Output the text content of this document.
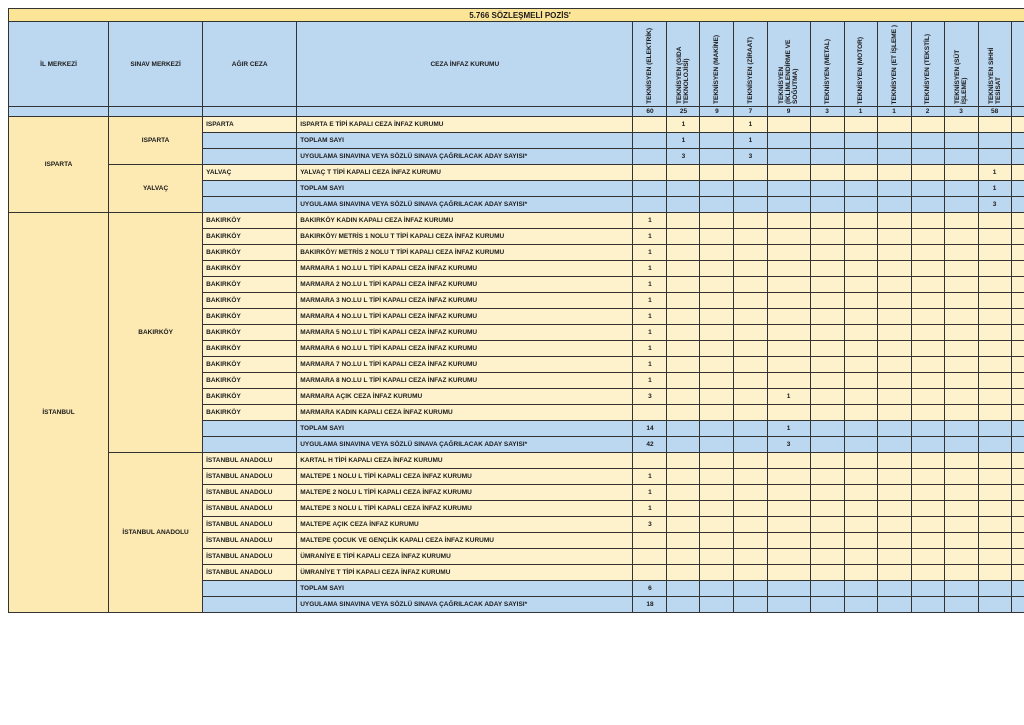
5.766 SÖZLEŞMELİ POZİS'															
İL MERKEZİ	SINAV MERKEZİ	AĞIR CEZA	CEZA İNFAZ KURUMU	TEKNİSYEN (ELEKTRİK)	TEKNİSYEN (GIDA TEKNOLOJİSİ)	TEKNİSYEN (MAKİNE)	TEKNİSYEN (ZİRAAT)	TEKNİSYEN (İKLİMLENDİRME VE SOĞUTMA)	TEKNİSYEN (METAL)	TEKNİSYEN (MOTOR)	TEKNİSYEN (ET İŞLEME )	TEKNİSYEN (TEKSTİL)	TEKNİSYEN (SÜT İŞLEME)	TEKNİSYEN SIHHİ TESİSAT	
				60	25	9	7	9	3	1	1	2	3	58	
ISPARTA	ISPARTA	ISPARTA	ISPARTA E TİPİ KAPALI CEZA İNFAZ KURUMU		1		1								
			TOPLAM SAYI		1		1								
			UYGULAMA SINAVINA VEYA SÖZLÜ SINAVA ÇAĞRILACAK ADAY SAYISI*		3		3								
	YALVAÇ	YALVAÇ	YALVAÇ T TİPİ KAPALI CEZA İNFAZ KURUMU											1	
			TOPLAM SAYI											1	
			UYGULAMA SINAVINA VEYA SÖZLÜ SINAVA ÇAĞRILACAK ADAY SAYISI*											3	
İSTANBUL	BAKIRKÖY	BAKIRKÖY	BAKIRKÖY KADIN KAPALI CEZA İNFAZ KURUMU	1											
		BAKIRKÖY	BAKIRKÖY/ METRİS 1 NOLU T TİPİ KAPALI CEZA İNFAZ KURUMU	1											
		BAKIRKÖY	BAKIRKÖY/ METRİS 2 NOLU T TİPİ KAPALI CEZA İNFAZ KURUMU	1											
		BAKIRKÖY	MARMARA 1 NO.LU L TİPİ KAPALI CEZA İNFAZ KURUMU	1											
		BAKIRKÖY	MARMARA 2 NO.LU L TİPİ KAPALI CEZA İNFAZ KURUMU	1											
		BAKIRKÖY	MARMARA 3 NO.LU L TİPİ KAPALI CEZA İNFAZ KURUMU	1											
		BAKIRKÖY	MARMARA 4 NO.LU L TİPİ KAPALI CEZA İNFAZ KURUMU	1											
		BAKIRKÖY	MARMARA 5 NO.LU L TİPİ KAPALI CEZA İNFAZ KURUMU	1											
		BAKIRKÖY	MARMARA 6 NO.LU L TİPİ KAPALI CEZA İNFAZ KURUMU	1											
		BAKIRKÖY	MARMARA 7 NO.LU L TİPİ KAPALI CEZA İNFAZ KURUMU	1											
		BAKIRKÖY	MARMARA 8 NO.LU L TİPİ KAPALI CEZA İNFAZ KURUMU	1											
		BAKIRKÖY	MARMARA AÇIK CEZA İNFAZ KURUMU	3				1							
		BAKIRKÖY	MARMARA KADIN KAPALI CEZA İNFAZ KURUMU												
			TOPLAM SAYI	14				1							
			UYGULAMA SINAVINA VEYA SÖZLÜ SINAVA ÇAĞRILACAK ADAY SAYISI*	42				3							
	İSTANBUL ANADOLU	İSTANBUL ANADOLU	KARTAL H TİPİ KAPALI CEZA İNFAZ KURUMU												
		İSTANBUL ANADOLU	MALTEPE 1 NOLU L TİPİ KAPALI CEZA İNFAZ KURUMU	1											
		İSTANBUL ANADOLU	MALTEPE 2 NOLU L TİPİ KAPALI CEZA İNFAZ KURUMU	1											
		İSTANBUL ANADOLU	MALTEPE 3 NOLU L TİPİ KAPALI CEZA İNFAZ KURUMU	1											
		İSTANBUL ANADOLU	MALTEPE AÇIK CEZA İNFAZ KURUMU	3											
		İSTANBUL ANADOLU	MALTEPE ÇOCUK VE GENÇLİK KAPALI CEZA İNFAZ KURUMU												
		İSTANBUL ANADOLU	ÜMRANİYE E TİPİ KAPALI CEZA İNFAZ KURUMU												
		İSTANBUL ANADOLU	ÜMRANİYE T TİPİ KAPALI CEZA İNFAZ KURUMU												
			TOPLAM SAYI	6											
			UYGULAMA SINAVINA VEYA SÖZLÜ SINAVA ÇAĞRILACAK ADAY SAYISI*	18											
